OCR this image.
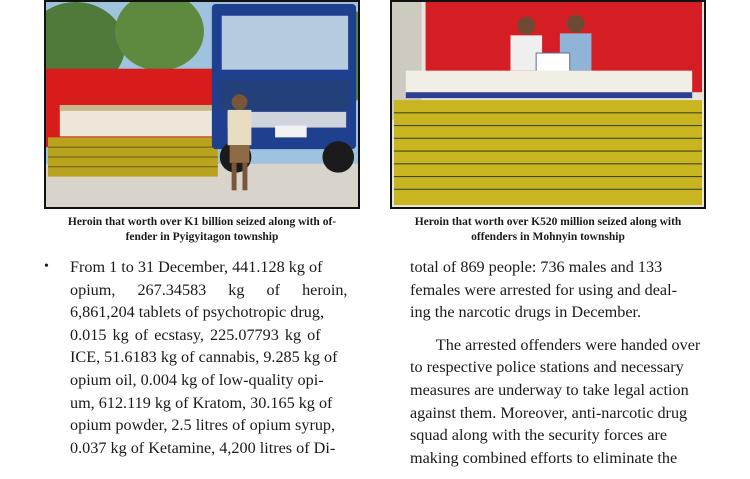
Heroin that worth over K1 billion seized along with of-
fender in Pyigyitagon township
Heroin that worth over K520 million seized along with
offenders in Mohnyin township
•	From 1 to 31 December, 441.128 kg of
opium, 267.34583 kg of heroin,
6,861,204 tablets of psychotropic drug,
0.015 kg of ecstasy, 225.07793 kg of
ICE, 51.6183 kg of cannabis, 9.285 kg of
opium oil, 0.004 kg of low-quality opi-
um, 612.119 kg of Kratom, 30.165 kg of
opium powder, 2.5 litres of opium syrup,
0.037 kg of Ketamine, 4,200 litres of Di-
total of 869 people: 736 males and 133
females were arrested for using and deal-
ing the narcotic drugs in December.
The arrested offenders were handed over
to respective police stations and necessary
measures are underway to take legal action
against them. Moreover, anti-narcotic drug
squad along with the security forces are
making combined efforts to eliminate the
